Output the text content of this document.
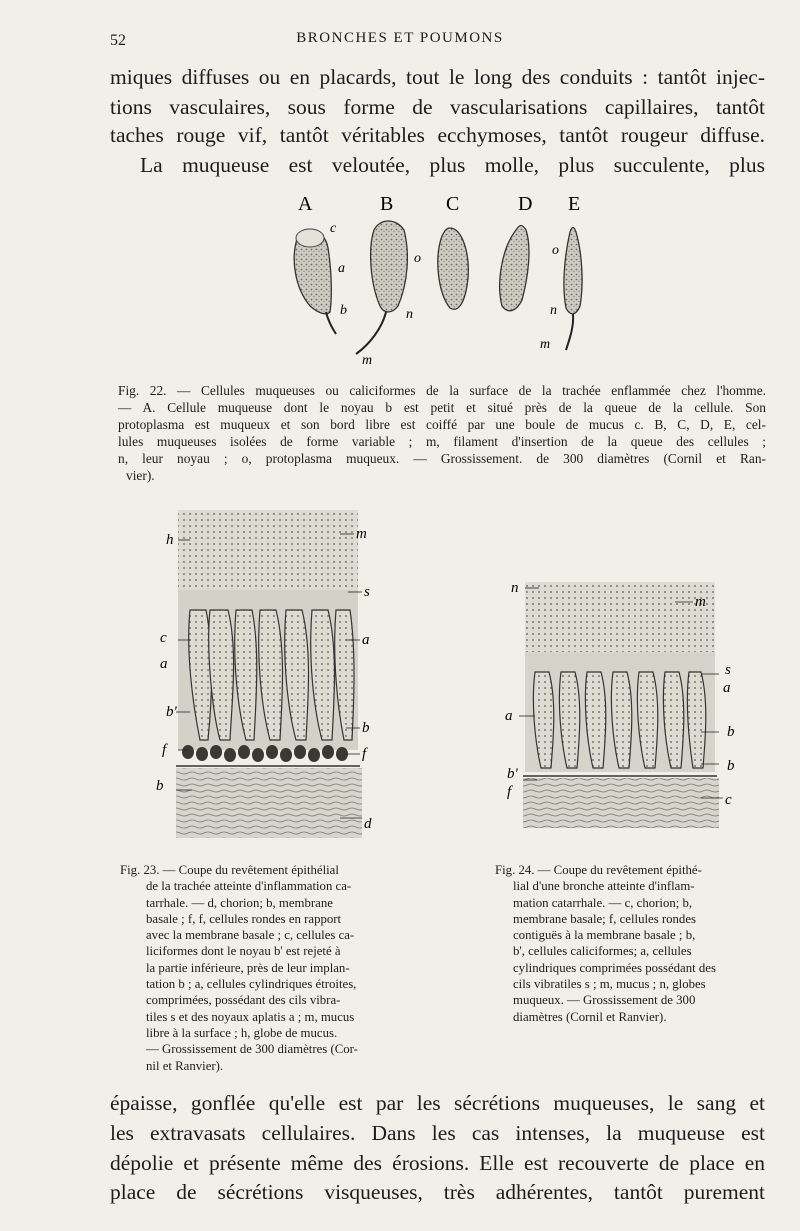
52	BRONCHES ET POUMONS
miques diffuses ou en placards, tout le long des conduits : tantôt injec-
tions vasculaires, sous forme de vascularisations capillaires, tantôt
taches rouge vif, tantôt véritables ecchymoses, tantôt rougeur diffuse.
La muqueuse est veloutée, plus molle, plus succulente, plus
A	B	C	D E
c
a
b
o
n
m
o
n
m
Fig. 22. — Cellules muqueuses ou caliciformes de la surface de la trachée enflammée chez l'homme.
— A. Cellule muqueuse dont le noyau b est petit et situé près de la queue de la cellule. Son
protoplasma est muqueux et son bord libre est coiffé par une boule de mucus c. B, C, D, E, cel-
lules muqueuses isolées de forme variable ; m, filament d'insertion de la queue des cellules ;
n, leur noyau ; o, protoplasma muqueux. — Grossissement. de 300 diamètres (Cornil et Ran-
vier).
h	m
s
c	a
a
b'
b
f	f
b
d
n
m
s
a
a
b
b
b'
f	c
Fig. 23. — Coupe du revêtement épithélial
de la trachée atteinte d'inflammation ca-
tarrhale. — d, chorion; b, membrane
basale ; f, f, cellules rondes en rapport
avec la membrane basale ; c, cellules ca-
liciformes dont le noyau b' est rejeté à
la partie inférieure, près de leur implan-
tation b ; a, cellules cylindriques étroites,
comprimées, possédant des cils vibra-
tiles s et des noyaux aplatis a ; m, mucus
libre à la surface ; h, globe de mucus.
— Grossissement de 300 diamètres (Cor-
nil et Ranvier).
Fig. 24. — Coupe du revêtement épithé-
lial d'une bronche atteinte d'inflam-
mation catarrhale. — c, chorion; b,
membrane basale; f, cellules rondes
contiguës à la membrane basale ; b,
b', cellules caliciformes; a, cellules
cylindriques comprimées possédant des
cils vibratiles s ; m, mucus ; n, globes
muqueux. — Grossissement de 300
diamètres (Cornil et Ranvier).
épaisse, gonflée qu'elle est par les sécrétions muqueuses, le sang et
les extravasats cellulaires. Dans les cas intenses, la muqueuse est
dépolie et présente même des érosions. Elle est recouverte de place en
place de sécrétions visqueuses, très adhérentes, tantôt purement
